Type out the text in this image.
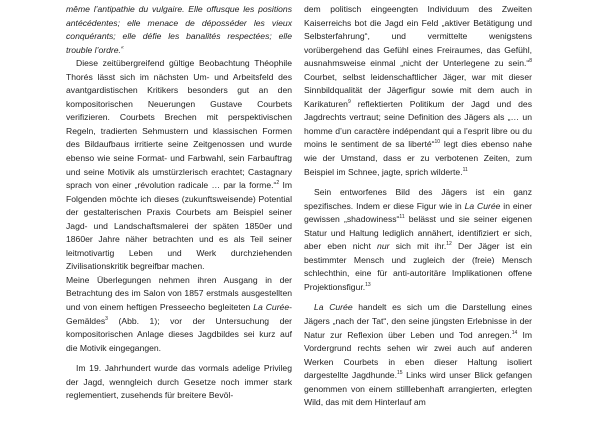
même l’antipathie du vulgaire. Elle offusque les positions antécédentes; elle menace de déposséder les vieux conquérants; elle défie les banalités respectées; elle trouble l’ordre.«

Diese zeitübergreifend gültige Beobachtung Théophile Thorés lässt sich im nächsten Um- und Arbeitsfeld des avantgardistischen Kritikers besonders gut an den kompositorischen Neuerungen Gustave Courbets verifizieren. Courbets Brechen mit perspektivischen Regeln, tradierten Sehmustern und klassischen Formen des Bildaufbaus irritierte seine Zeitgenossen und wurde ebenso wie seine Format- und Farbwahl, sein Farbauftrag und seine Motivik als umstürzlerisch erachtet; Castagnary sprach von einer „révolution radicale … par la forme.“$^2$ Im Folgenden möchte ich dieses (zukunftsweisende) Potential der gestalterischen Praxis Courbets am Beispiel seiner Jagd- und Landschaftsmalerei der späten 1850er und 1860er Jahre näher betrachten und es als Teil seiner leitmotivartig Leben und Werk durchziehenden Zivilisationskritik begreifbar machen.

Meine Überlegungen nehmen ihren Ausgang in der Betrachtung des im Salon von 1857 erstmals ausgestellten und von einem heftigen Presseecho begleiteten La Curée-Gemäldes$^3$ (Abb. 1); vor der Untersuchung der kompositorischen Anlage dieses Jagdbildes sei kurz auf die Motivik eingegangen.

Im 19. Jahrhundert wurde das vormals adelige Privileg der Jagd, wenngleich durch Gesetze noch immer stark reglementiert, zusehends für breitere Bevöl-

dem politisch eingeengten Individuum des Zweiten Kaiserreichs bot die Jagd ein Feld „aktiver Betätigung und Selbsterfahrung“, und vermittelte wenigstens vorübergehend das Gefühl eines Freiraumes, das Gefühl, ausnahmsweise einmal „nicht der Unterlegene zu sein.“$^8$ Courbet, selbst leidenschaftlicher Jäger, war mit dieser Sinnbildqualität der Jägerfigur sowie mit dem auch in Karikaturen$^9$ reflektierten Politikum der Jagd und des Jagdrechts vertraut; seine Definition des Jägers als „… un homme d’un caractère indépendant qui a l’esprit libre ou du moins le sentiment de sa liberté“$^{10}$ legt dies ebenso nahe wie der Umstand, dass er zu verbotenen Zeiten, zum Beispiel im Schnee, jagte, sprich wilderte.$^{11}$

Sein entworfenes Bild des Jägers ist ein ganz spezifisches. Indem er diese Figur wie in La Curée in einer gewissen „shadowiness“$^{11}$ belässt und sie seiner eigenen Statur und Haltung lediglich annähert, identifiziert er sich, aber eben nicht nur sich mit ihr.$^{12}$ Der Jäger ist ein bestimmter Mensch und zugleich der (freie) Mensch schlechthin, eine für anti-autoritäre Implikationen offene Projektionsfigur.$^{13}$

La Curée handelt es sich um die Darstellung eines Jägers „nach der Tat“, den seine jüngsten Erlebnisse in der Natur zur Reflexion über Leben und Tod anregen.$^{14}$ Im Vordergrund rechts sehen wir zwei auch auf anderen Werken Courbets in eben dieser Haltung isoliert dargestellte Jagdhunde.$^{15}$ Links wird unser Blick gefangen genommen von einem stilllebenhaft arrangierten, erlegten Wild, das mit dem Hinterlauf am
